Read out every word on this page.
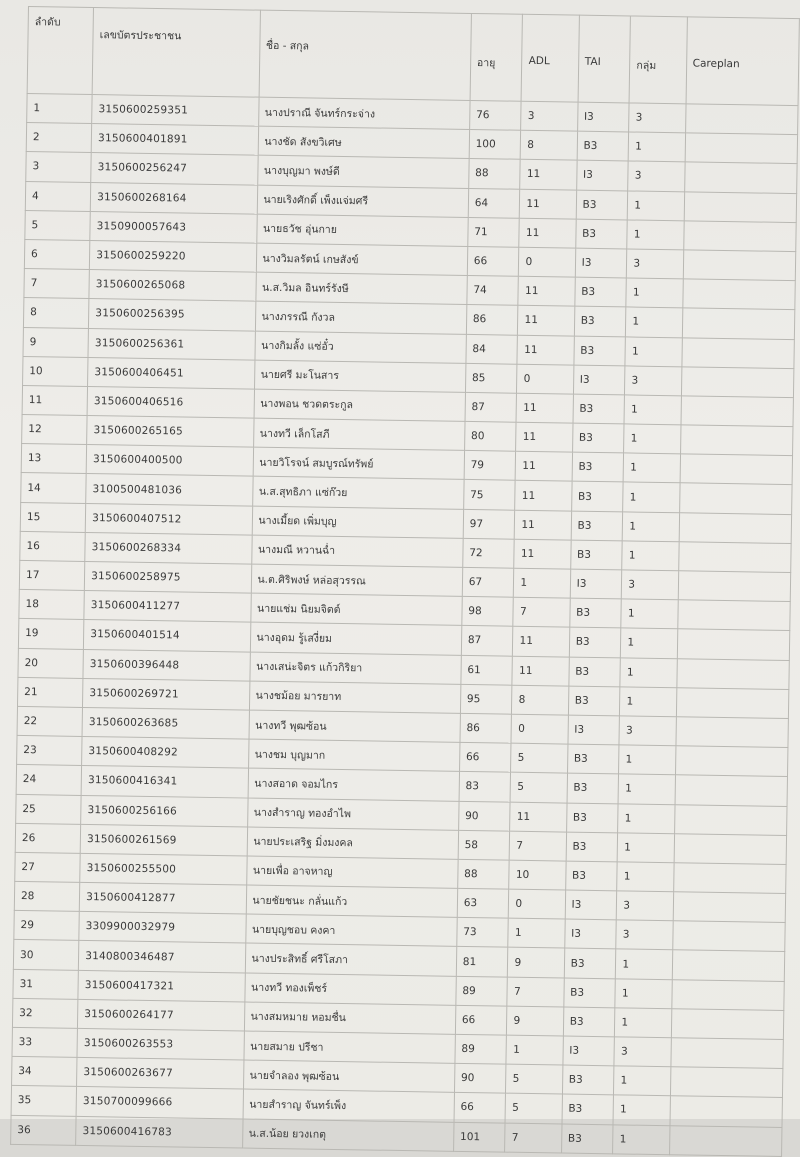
ลำดับ	เลขบัตรประชาชน	ชื่อ - สกุล	อายุ	ADL	TAI	กลุ่ม	Careplan
1	3150600259351	นางปราณี จันทร์กระจ่าง	76	3	I3	3	
2	3150600401891	นางชัด สังขวิเศษ	100	8	B3	1	
3	3150600256247	นางบุญมา พงษ์ดี	88	11	I3	3	
4	3150600268164	นายเริงศักดิ์ เพ็งแจ่มศรี	64	11	B3	1	
5	3150900057643	นายธวัช อุ่นกาย	71	11	B3	1	
6	3150600259220	นางวิมลรัตน์ เกษสังข์	66	0	I3	3	
7	3150600265068	น.ส.วิมล อินทร์รังษี	74	11	B3	1	
8	3150600256395	นางภรรณี กังวล	86	11	B3	1	
9	3150600256361	นางกิมลั้ง แซ่อั๋ว	84	11	B3	1	
10	3150600406451	นายศรี มะโนสาร	85	0	I3	3	
11	3150600406516	นางพอน ชวดตระกูล	87	11	B3	1	
12	3150600265165	นางทวี เล็กโสภี	80	11	B3	1	
13	3150600400500	นายวิโรจน์ สมบูรณ์ทรัพย์	79	11	B3	1	
14	3100500481036	น.ส.สุทธิภา แซ่ก๊วย	75	11	B3	1	
15	3150600407512	นางเมี้ยด เพิ่มบุญ	97	11	B3	1	
16	3150600268334	นางมณี หวานฉ่ำ	72	11	B3	1	
17	3150600258975	น.ต.ศิริพงษ์ หล่อสุวรรณ	67	1	I3	3	
18	3150600411277	นายแช่ม นิยมจิตต์	98	7	B3	1	
19	3150600401514	นางอุดม รู้เสงี่ยม	87	11	B3	1	
20	3150600396448	นางเสน่ะจิตร แก้วกิริยา	61	11	B3	1	
21	3150600269721	นางชม้อย มารยาท	95	8	B3	1	
22	3150600263685	นางทวี พุฒซ้อน	86	0	I3	3	
23	3150600408292	นางชม บุญมาก	66	5	B3	1	
24	3150600416341	นางสอาด จอมไกร	83	5	B3	1	
25	3150600256166	นางสำราญ ทองอำไพ	90	11	B3	1	
26	3150600261569	นายประเสริฐ มิ่งมงคล	58	7	B3	1	
27	3150600255500	นายเพื่อ อาจหาญ	88	10	B3	1	
28	3150600412877	นายชัยชนะ กลั่นแก้ว	63	0	I3	3	
29	3309900032979	นายบุญชอบ คงคา	73	1	I3	3	
30	3140800346487	นางประสิทธิ์ ศรีโสภา	81	9	B3	1	
31	3150600417321	นางทวี ทองเพ็ชร์	89	7	B3	1	
32	3150600264177	นางสมหมาย หอมชื่น	66	9	B3	1	
33	3150600263553	นายสมาย ปรีชา	89	1	I3	3	
34	3150600263677	นายจำลอง พุฒซ้อน	90	5	B3	1	
35	3150700099666	นายสำราญ จันทร์เพ็ง	66	5	B3	1	
36	3150600416783	น.ส.น้อย ยวงเกตุ	101	7	B3	1	
